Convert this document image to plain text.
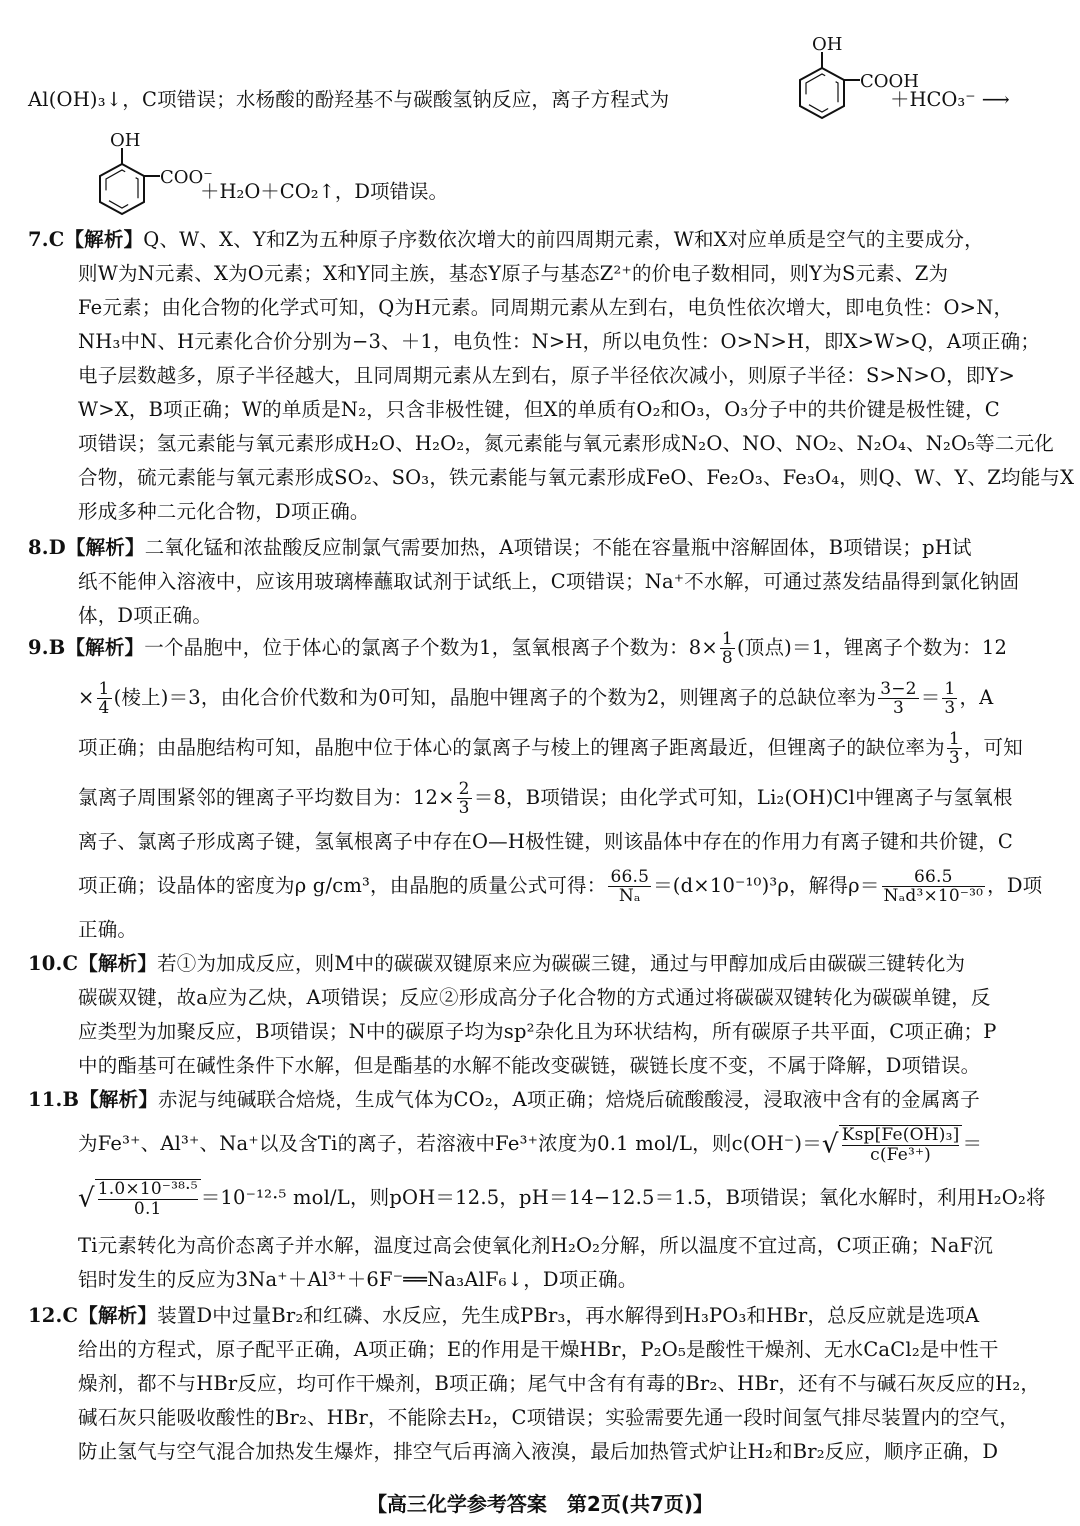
OH
COOH

Al(OH)₃↓，C项错误；水杨酸的酚羟基不与碳酸氢钠反应，离子方程式为	＋HCO₃⁻ ⟶
OH
COO⁻
＋H₂O＋CO₂↑，D项错误。

7.C【解析】Q、W、X、Y和Z为五种原子序数依次增大的前四周期元素，W和X对应单质是空气的主要成分，

则W为N元素、X为O元素；X和Y同主族，基态Y原子与基态Z²⁺的价电子数相同，则Y为S元素、Z为

Fe元素；由化合物的化学式可知，Q为H元素。同周期元素从左到右，电负性依次增大，即电负性：O>N，

NH₃中N、H元素化合价分别为−3、＋1，电负性：N>H，所以电负性：O>N>H，即X>W>Q，A项正确；

电子层数越多，原子半径越大，且同周期元素从左到右，原子半径依次减小，则原子半径：S>N>O，即Y>

W>X，B项正确；W的单质是N₂，只含非极性键，但X的单质有O₂和O₃，O₃分子中的共价键是极性键，C

项错误；氢元素能与氧元素形成H₂O、H₂O₂，氮元素能与氧元素形成N₂O、NO、NO₂、N₂O₄、N₂O₅等二元化

合物，硫元素能与氧元素形成SO₂、SO₃，铁元素能与氧元素形成FeO、Fe₂O₃、Fe₃O₄，则Q、W、Y、Z均能与X

形成多种二元化合物，D项正确。

8.D【解析】二氧化锰和浓盐酸反应制氯气需要加热，A项错误；不能在容量瓶中溶解固体，B项错误；pH试

纸不能伸入溶液中，应该用玻璃棒蘸取试剂于试纸上，C项错误；Na⁺不水解，可通过蒸发结晶得到氯化钠固

体，D项正确。

9.B【解析】一个晶胞中，位于体心的氯离子个数为1，氢氧根离子个数为：$8\times \frac{1}{8}$ (顶点)＝1，锂离子个数为：12

× $\frac{1}{4}$ (棱上)＝3，由化合价代数和为0可知，晶胞中锂离子的个数为2，则锂离子的总缺位率为 $\frac{3-2}{3} = \frac{1}{3}$ ，A

项正确；由晶胞结构可知，晶胞中位于体心的氯离子与棱上的锂离子距离最近，但锂离子的缺位率为 $\frac{1}{3}$ ，可知

氯离子周围紧邻的锂离子平均数目为：$12\times \frac{2}{3} =8$，B项错误；由化学式可知，Li₂(OH)Cl中锂离子与氢氧根

离子、氯离子形成离子键，氢氧根离子中存在O—H极性键，则该晶体中存在的作用力有离子键和共价键，C

项正确；设晶体的密度为ρ g/cm³，由晶胞的质量公式可得： $\frac{66.5}{\text{Nₐ}} =(d\times 10^{-10})^3\rho$，解得$\rho= \frac{66.5}{\text{Nₐd³×10⁻³⁰}}$ ，D项

正确。

10.C【解析】若①为加成反应，则M中的碳碳双键原来应为碳碳三键，通过与甲醇加成后由碳碳三键转化为

碳碳双键，故a应为乙炔，A项错误；反应②形成高分子化合物的方式通过将碳碳双键转化为碳碳单键，反

应类型为加聚反应，B项错误；N中的碳原子均为sp²杂化且为环状结构，所有碳原子共平面，C项正确；P

中的酯基可在碱性条件下水解，但是酯基的水解不能改变碳链，碳链长度不变，不属于降解，D项错误。

11.B【解析】赤泥与纯碱联合焙烧，生成气体为CO₂，A项正确；焙烧后硫酸酸浸，浸取液中含有的金属离子

为Fe³⁺、Al³⁺、Na⁺以及含Ti的离子，若溶液中Fe³⁺浓度为0.1 mol/L，则$c(OH^-)=√ \frac{\text{Ksp[Fe(OH)₃]}}{\text{c(Fe³⁺)}}$ ＝

√ $\frac{\text{1.0×10⁻³⁸·⁵}}{0.1} =10^{-12}\cdot^5$ mol/L，则pOH＝12.5，pH＝14−12.5＝1.5，B项错误；氧化水解时，利用H₂O₂将

Ti元素转化为高价态离子并水解，温度过高会使氧化剂H₂O₂分解，所以温度不宜过高，C项正确；NaF沉

铝时发生的反应为3Na⁺＋Al³⁺＋6F⁻══Na₃AlF₆↓，D项正确。

12.C【解析】装置D中过量Br₂和红磷、水反应，先生成PBr₃，再水解得到H₃PO₃和HBr，总反应就是选项A

给出的方程式，原子配平正确，A项正确；E的作用是干燥HBr，P₂O₅是酸性干燥剂、无水CaCl₂是中性干

燥剂，都不与HBr反应，均可作干燥剂，B项正确；尾气中含有有毒的Br₂、HBr，还有不与碱石灰反应的H₂，

碱石灰只能吸收酸性的Br₂、HBr，不能除去H₂，C项错误；实验需要先通一段时间氢气排尽装置内的空气，

防止氢气与空气混合加热发生爆炸，排空气后再滴入液溴，最后加热管式炉让H₂和Br₂反应，顺序正确，D

【高三化学参考答案　第2页(共7页)】
